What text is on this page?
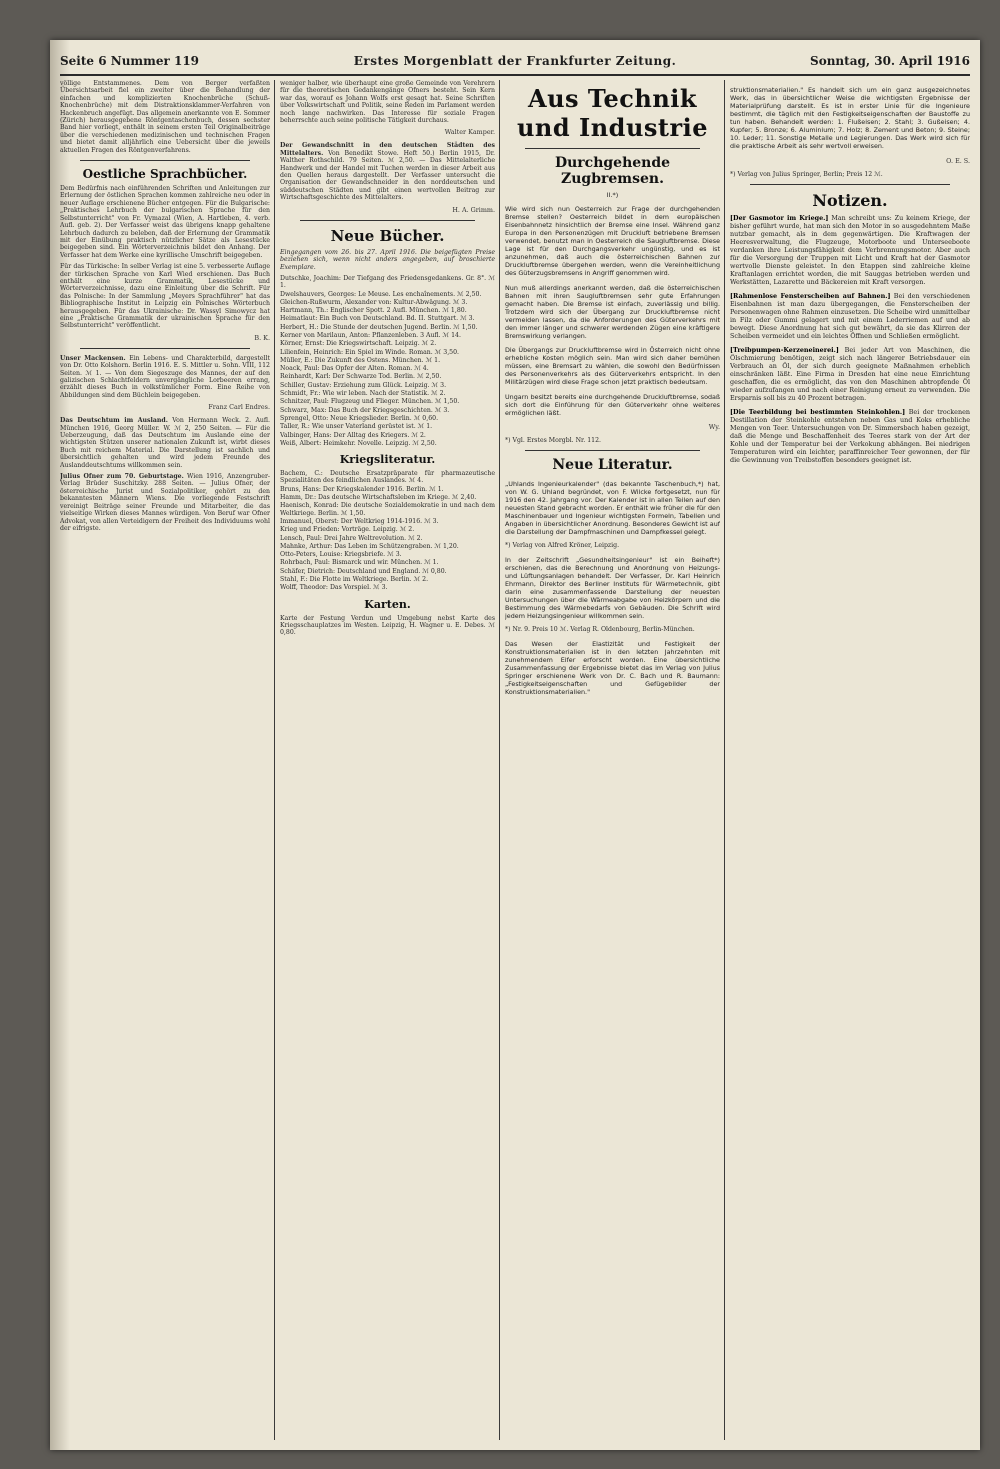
Seite 6 Nummer 119	Erstes Morgenblatt der Frankfurter Zeitung.	Sonntag, 30. April 1916

völlige Entstammenes. Dem von Berger verfaßten Übersichtsarbeit fiel ein zweiter über die Behandlung der einfachen und komplizierten Knochenbrüche (Schuß-Knochenbrüche) mit dem Distraktionsklammer-Verfahren von Hackenbruch angefügt. Das allgemein anerkannte von E. Sommer (Zürich) herausgegebene Röntgentaschenbuch, dessen sechster Band hier vorliegt, enthält in seinem ersten Teil Originalbeiträge über die verschiedenen medizinischen und technischen Fragen und bietet damit alljährlich eine Uebersicht über die jeweils aktuellen Fragen des Röntgenverfahrens.

Oestliche Sprachbücher.

Dem Bedürfnis nach einführenden Schriften und Anleitungen zur Erlernung der östlichen Sprachen kommen zahlreiche neu oder in neuer Auflage erschienene Bücher entgegen. Für die Bulgarische: „Praktisches Lehrbuch der bulgarischen Sprache für den Selbstunterricht" von Fr. Vymazal (Wien, A. Hartleben, 4. verb. Aufl. geb. 2). Der Verfasser weist das übrigens knapp gehaltene Lehrbuch dadurch zu beleben, daß der Erlernung der Grammatik mit der Einübung praktisch nützlicher Sätze als Lesestücke beigegeben sind. Ein Wörterverzeichnis bildet den Anhang. Der Verfasser hat dem Werke eine kyrillische Umschrift beigegeben.

Für das Türkische: In selber Verlag ist eine 5. verbesserte Auflage der türkischen Sprache von Karl Wied erschienen. Das Buch enthält eine kurze Grammatik, Lesestücke und Wörterverzeichnisse, dazu eine Einleitung über die Schrift. Für das Polnische: In der Sammlung „Meyers Sprachführer" hat das Bibliographische Institut in Leipzig ein Polnisches Wörterbuch herausgegeben. Für das Ukrainische: Dr. Wassyl Simowycz hat eine „Praktische Grammatik der ukrainischen Sprache für den Selbstunterricht" veröffentlicht.

B. K.

Unser Mackensen. Ein Lebens- und Charakterbild, dargestellt von Dr. Otto Kolshorn. Berlin 1916. E. S. Mittler u. Sohn. VIII, 112 Seiten. ℳ 1. — Von dem Siegeszuge des Mannes, der auf den galizischen Schlachtfeldern unvergängliche Lorbeeren errang, erzählt dieses Buch in volkstümlicher Form. Eine Reihe von Abbildungen sind dem Büchlein beigegeben.

Franz Carl Endres.

Das Deutschtum im Ausland. Von Hermann Weck. 2. Aufl. München 1916, Georg Müller. W. ℳ 2, 250 Seiten. — Für die Ueberzeugung, daß das Deutschtum im Auslande eine der wichtigsten Stützen unserer nationalen Zukunft ist, wirbt dieses Buch mit reichem Material. Die Darstellung ist sachlich und übersichtlich gehalten und wird jedem Freunde des Auslanddeutschtums willkommen sein.

Julius Ofner zum 70. Geburtstage. Wien 1916, Anzengruber-Verlag Brüder Suschitzky. 288 Seiten. — Julius Ofner, der österreichische Jurist und Sozialpolitiker, gehört zu den bekanntesten Männern Wiens. Die vorliegende Festschrift vereinigt Beiträge seiner Freunde und Mitarbeiter, die das vielseitige Wirken dieses Mannes würdigen. Von Beruf war Ofner Advokat, von allen Verteidigern der Freiheit des Individuums wohl der eifrigste.

weniger halber, wie überhaupt eine große Gemeinde von Verehrern für die theoretischen Gedankengänge Ofners besteht. Sein Kern war das, worauf es Johann Wolfs erst gesagt hat. Seine Schriften über Volkswirtschaft und Politik, seine Reden im Parlament werden noch lange nachwirken. Das Interesse für soziale Fragen beherrschte auch seine politische Tätigkeit durchaus.

Walter Kamper.

Der Gewandschnitt in den deutschen Städten des Mittelalters. Von Benedikt Stowe. Heft 50.) Berlin 1915, Dr. Walther Rothschild. 79 Seiten. ℳ 2,50. — Das Mittelalterliche Handwerk und der Handel mit Tuchen werden in dieser Arbeit aus den Quellen heraus dargestellt. Der Verfasser untersucht die Organisation der Gewandschneider in den norddeutschen und süddeutschen Städten und gibt einen wertvollen Beitrag zur Wirtschaftsgeschichte des Mittelalters.

H. A. Grimm.
Neue Bücher.

Eingegangen vom 26. bis 27. April 1916. Die beigefügten Preise beziehen sich, wenn nicht anders angegeben, auf broschierte Exemplare.

Dutschke, Joachim: Der Tiefgang des Friedensgedankens. Gr. 8°. ℳ 1.

Dwelshauvers, Georges: Le Meuse. Les enchaînements. ℳ 2,50.

Gleichen-Rußwurm, Alexander von: Kultur-Abwägung. ℳ 3.

Hartmann, Th.: Englischer Spott. 2 Aufl. München. ℳ 1,80.

Heimatlaut: Ein Buch von Deutschland. Bd. II. Stuttgart. ℳ 3.

Herbert, H.: Die Stunde der deutschen Jugend. Berlin. ℳ 1,50.

Kerner von Marilaun, Anton: Pflanzenleben. 3 Aufl. ℳ 14.

Körner, Ernst: Die Kriegswirtschaft. Leipzig. ℳ 2.

Lilienfein, Heinrich: Ein Spiel im Winde. Roman. ℳ 3,50.

Müller, E.: Die Zukunft des Ostens. München. ℳ 1.

Noack, Paul: Das Opfer der Alten. Roman. ℳ 4.

Reinhardt, Karl: Der Schwarze Tod. Berlin. ℳ 2,50.

Schiller, Gustav: Erziehung zum Glück. Leipzig. ℳ 3.

Schmidt, Fr.: Wie wir leben. Nach der Statistik. ℳ 2.

Schnitzer, Paul: Flugzeug und Flieger. München. ℳ 1,50.

Schwarz, Max: Das Buch der Kriegsgeschichten. ℳ 3.

Sprengel, Otto: Neue Kriegslieder. Berlin. ℳ 0,60.

Taller, R.: Wie unser Vaterland gerüstet ist. ℳ 1.

Valbinger, Hans: Der Alltag des Kriegers. ℳ 2.

Weiß, Albert: Heimkehr. Novelle. Leipzig. ℳ 2,50.

Kriegsliteratur.

Bachem, C.: Deutsche Ersatzpräparate für pharmazeutische Spezialitäten des feindlichen Auslandes. ℳ 4.

Bruns, Hans: Der Kriegskalender 1916. Berlin. ℳ 1.

Hamm, Dr.: Das deutsche Wirtschaftsleben im Kriege. ℳ 2,40.

Haenisch, Konrad: Die deutsche Sozialdemokratie in und nach dem Weltkriege. Berlin. ℳ 1,50.

Immanuel, Oberst: Der Weltkrieg 1914-1916. ℳ 3.

Krieg und Frieden: Vorträge. Leipzig. ℳ 2.

Lensch, Paul: Drei Jahre Weltrevolution. ℳ 2.

Mahnke, Arthur: Das Leben im Schützengraben. ℳ 1,20.

Otto-Peters, Louise: Kriegsbriefe. ℳ 3.

Rohrbach, Paul: Bismarck und wir. München. ℳ 1.

Schäfer, Dietrich: Deutschland und England. ℳ 0,80.

Stahl, F.: Die Flotte im Weltkriege. Berlin. ℳ 2.

Wolff, Theodor: Das Vorspiel. ℳ 3.

Karten.

Karte der Festung Verdun und Umgebung nebst Karte des Kriegsschauplatzes im Westen. Leipzig, H. Wagner u. E. Debes. ℳ 0,80.

Aus Technik und Industrie
Durchgehende Zugbremsen.
II.*)

Wie wird sich nun Oesterreich zur Frage der durchgehenden Bremse stellen? Oesterreich bildet in dem europäischen Eisenbahnnetz hinsichtlich der Bremse eine Insel. Während ganz Europa in den Personenzügen mit Druckluft betriebene Bremsen verwendet, benutzt man in Oesterreich die Saugluftbremse. Diese Lage ist für den Durchgangsverkehr ungünstig, und es ist anzunehmen, daß auch die österreichischen Bahnen zur Druckluftbremse übergehen werden, wenn die Vereinheitlichung des Güterzugsbremsens in Angriff genommen wird.

Nun muß allerdings anerkannt werden, daß die österreichischen Bahnen mit ihren Saugluftbremsen sehr gute Erfahrungen gemacht haben. Die Bremse ist einfach, zuverlässig und billig. Trotzdem wird sich der Übergang zur Druckluftbremse nicht vermeiden lassen, da die Anforderungen des Güterverkehrs mit den immer länger und schwerer werdenden Zügen eine kräftigere Bremswirkung verlangen.

Die Übergangs zur Druckluftbremse wird in Österreich nicht ohne erhebliche Kosten möglich sein. Man wird sich daher bemühen müssen, eine Bremsart zu wählen, die sowohl den Bedürfnissen des Personenverkehrs als des Güterverkehrs entspricht. In den Militärzügen wird diese Frage schon jetzt praktisch bedeutsam.

Ungarn besitzt bereits eine durchgehende Druckluftbremse, sodaß sich dort die Einführung für den Güterverkehr ohne weiteres ermöglichen läßt.

Wy.

*) Vgl. Erstes Morgbl. Nr. 112.

Neue Literatur.

„Uhlands Ingenieurkalender" (das bekannte Taschenbuch,*) hat, von W. G. Uhland begründet, von F. Wilcke fortgesetzt, nun für 1916 den 42. Jahrgang vor. Der Kalender ist in allen Teilen auf den neuesten Stand gebracht worden. Er enthält wie früher die für den Maschinenbauer und Ingenieur wichtigsten Formeln, Tabellen und Angaben in übersichtlicher Anordnung. Besonderes Gewicht ist auf die Darstellung der Dampfmaschinen und Dampfkessel gelegt.

*) Verlag von Alfred Kröner, Leipzig.

In der Zeitschrift „Gesundheitsingenieur" ist ein Beiheft*) erschienen, das die Berechnung und Anordnung von Heizungs- und Lüftungsanlagen behandelt. Der Verfasser, Dr. Karl Heinrich Ehrmann, Direktor des Berliner Instituts für Wärmetechnik, gibt darin eine zusammenfassende Darstellung der neuesten Untersuchungen über die Wärmeabgabe von Heizkörpern und die Bestimmung des Wärmebedarfs von Gebäuden. Die Schrift wird jedem Heizungsingenieur willkommen sein.

*) Nr. 9. Preis 10 ℳ. Verlag R. Oldenbourg, Berlin-München.

Das Wesen der Elastizität und Festigkeit der Konstruktionsmaterialien ist in den letzten Jahrzehnten mit zunehmendem Eifer erforscht worden. Eine übersichtliche Zusammenfassung der Ergebnisse bietet das im Verlag von Julius Springer erschienene Werk von Dr. C. Bach und R. Baumann: „Festigkeitseigenschaften und Gefügebilder der Konstruktionsmaterialien."

struktionsmaterialien." Es handelt sich um ein ganz ausgezeichnetes Werk, das in übersichtlicher Weise die wichtigsten Ergebnisse der Materialprüfung darstellt. Es ist in erster Linie für die Ingenieure bestimmt, die täglich mit den Festigkeitseigenschaften der Baustoffe zu tun haben. Behandelt werden: 1. Flußeisen; 2. Stahl; 3. Gußeisen; 4. Kupfer; 5. Bronze; 6. Aluminium; 7. Holz; 8. Zement und Beton; 9. Steine; 10. Leder; 11. Sonstige Metalle und Legierungen. Das Werk wird sich für die praktische Arbeit als sehr wertvoll erweisen.

O. E. S.

*) Verlag von Julius Springer, Berlin; Preis 12 ℳ.

Notizen.

[Der Gasmotor im Kriege.] Man schreibt uns: Zu keinem Kriege, der bisher geführt wurde, hat man sich den Motor in so ausgedehntem Maße nutzbar gemacht, als in dem gegenwärtigen. Die Kraftwagen der Heeresverwaltung, die Flugzeuge, Motorboote und Unterseeboote verdanken ihre Leistungsfähigkeit dem Verbrennungsmotor. Aber auch für die Versorgung der Truppen mit Licht und Kraft hat der Gasmotor wertvolle Dienste geleistet. In den Etappen sind zahlreiche kleine Kraftanlagen errichtet worden, die mit Sauggas betrieben werden und Werkstätten, Lazarette und Bäckereien mit Kraft versorgen.

[Rahmenlose Fensterscheiben auf Bahnen.] Bei den verschiedenen Eisenbahnen ist man dazu übergegangen, die Fensterscheiben der Personenwagen ohne Rahmen einzusetzen. Die Scheibe wird unmittelbar in Filz oder Gummi gelagert und mit einem Lederriemen auf und ab bewegt. Diese Anordnung hat sich gut bewährt, da sie das Klirren der Scheiben vermeidet und ein leichtes Öffnen und Schließen ermöglicht.

[Treibpumpen-Kerzeneinerei.] Bei jeder Art von Maschinen, die Ölschmierung benötigen, zeigt sich nach längerer Betriebsdauer ein Verbrauch an Öl, der sich durch geeignete Maßnahmen erheblich einschränken läßt. Eine Firma in Dresden hat eine neue Einrichtung geschaffen, die es ermöglicht, das von den Maschinen abtropfende Öl wieder aufzufangen und nach einer Reinigung erneut zu verwenden. Die Ersparnis soll bis zu 40 Prozent betragen.

[Die Teerbildung bei bestimmten Steinkohlen.] Bei der trockenen Destillation der Steinkohle entstehen neben Gas und Koks erhebliche Mengen von Teer. Untersuchungen von Dr. Simmersbach haben gezeigt, daß die Menge und Beschaffenheit des Teeres stark von der Art der Kohle und der Temperatur bei der Verkokung abhängen. Bei niedrigen Temperaturen wird ein leichter, paraffinreicher Teer gewonnen, der für die Gewinnung von Treibstoffen besonders geeignet ist.
